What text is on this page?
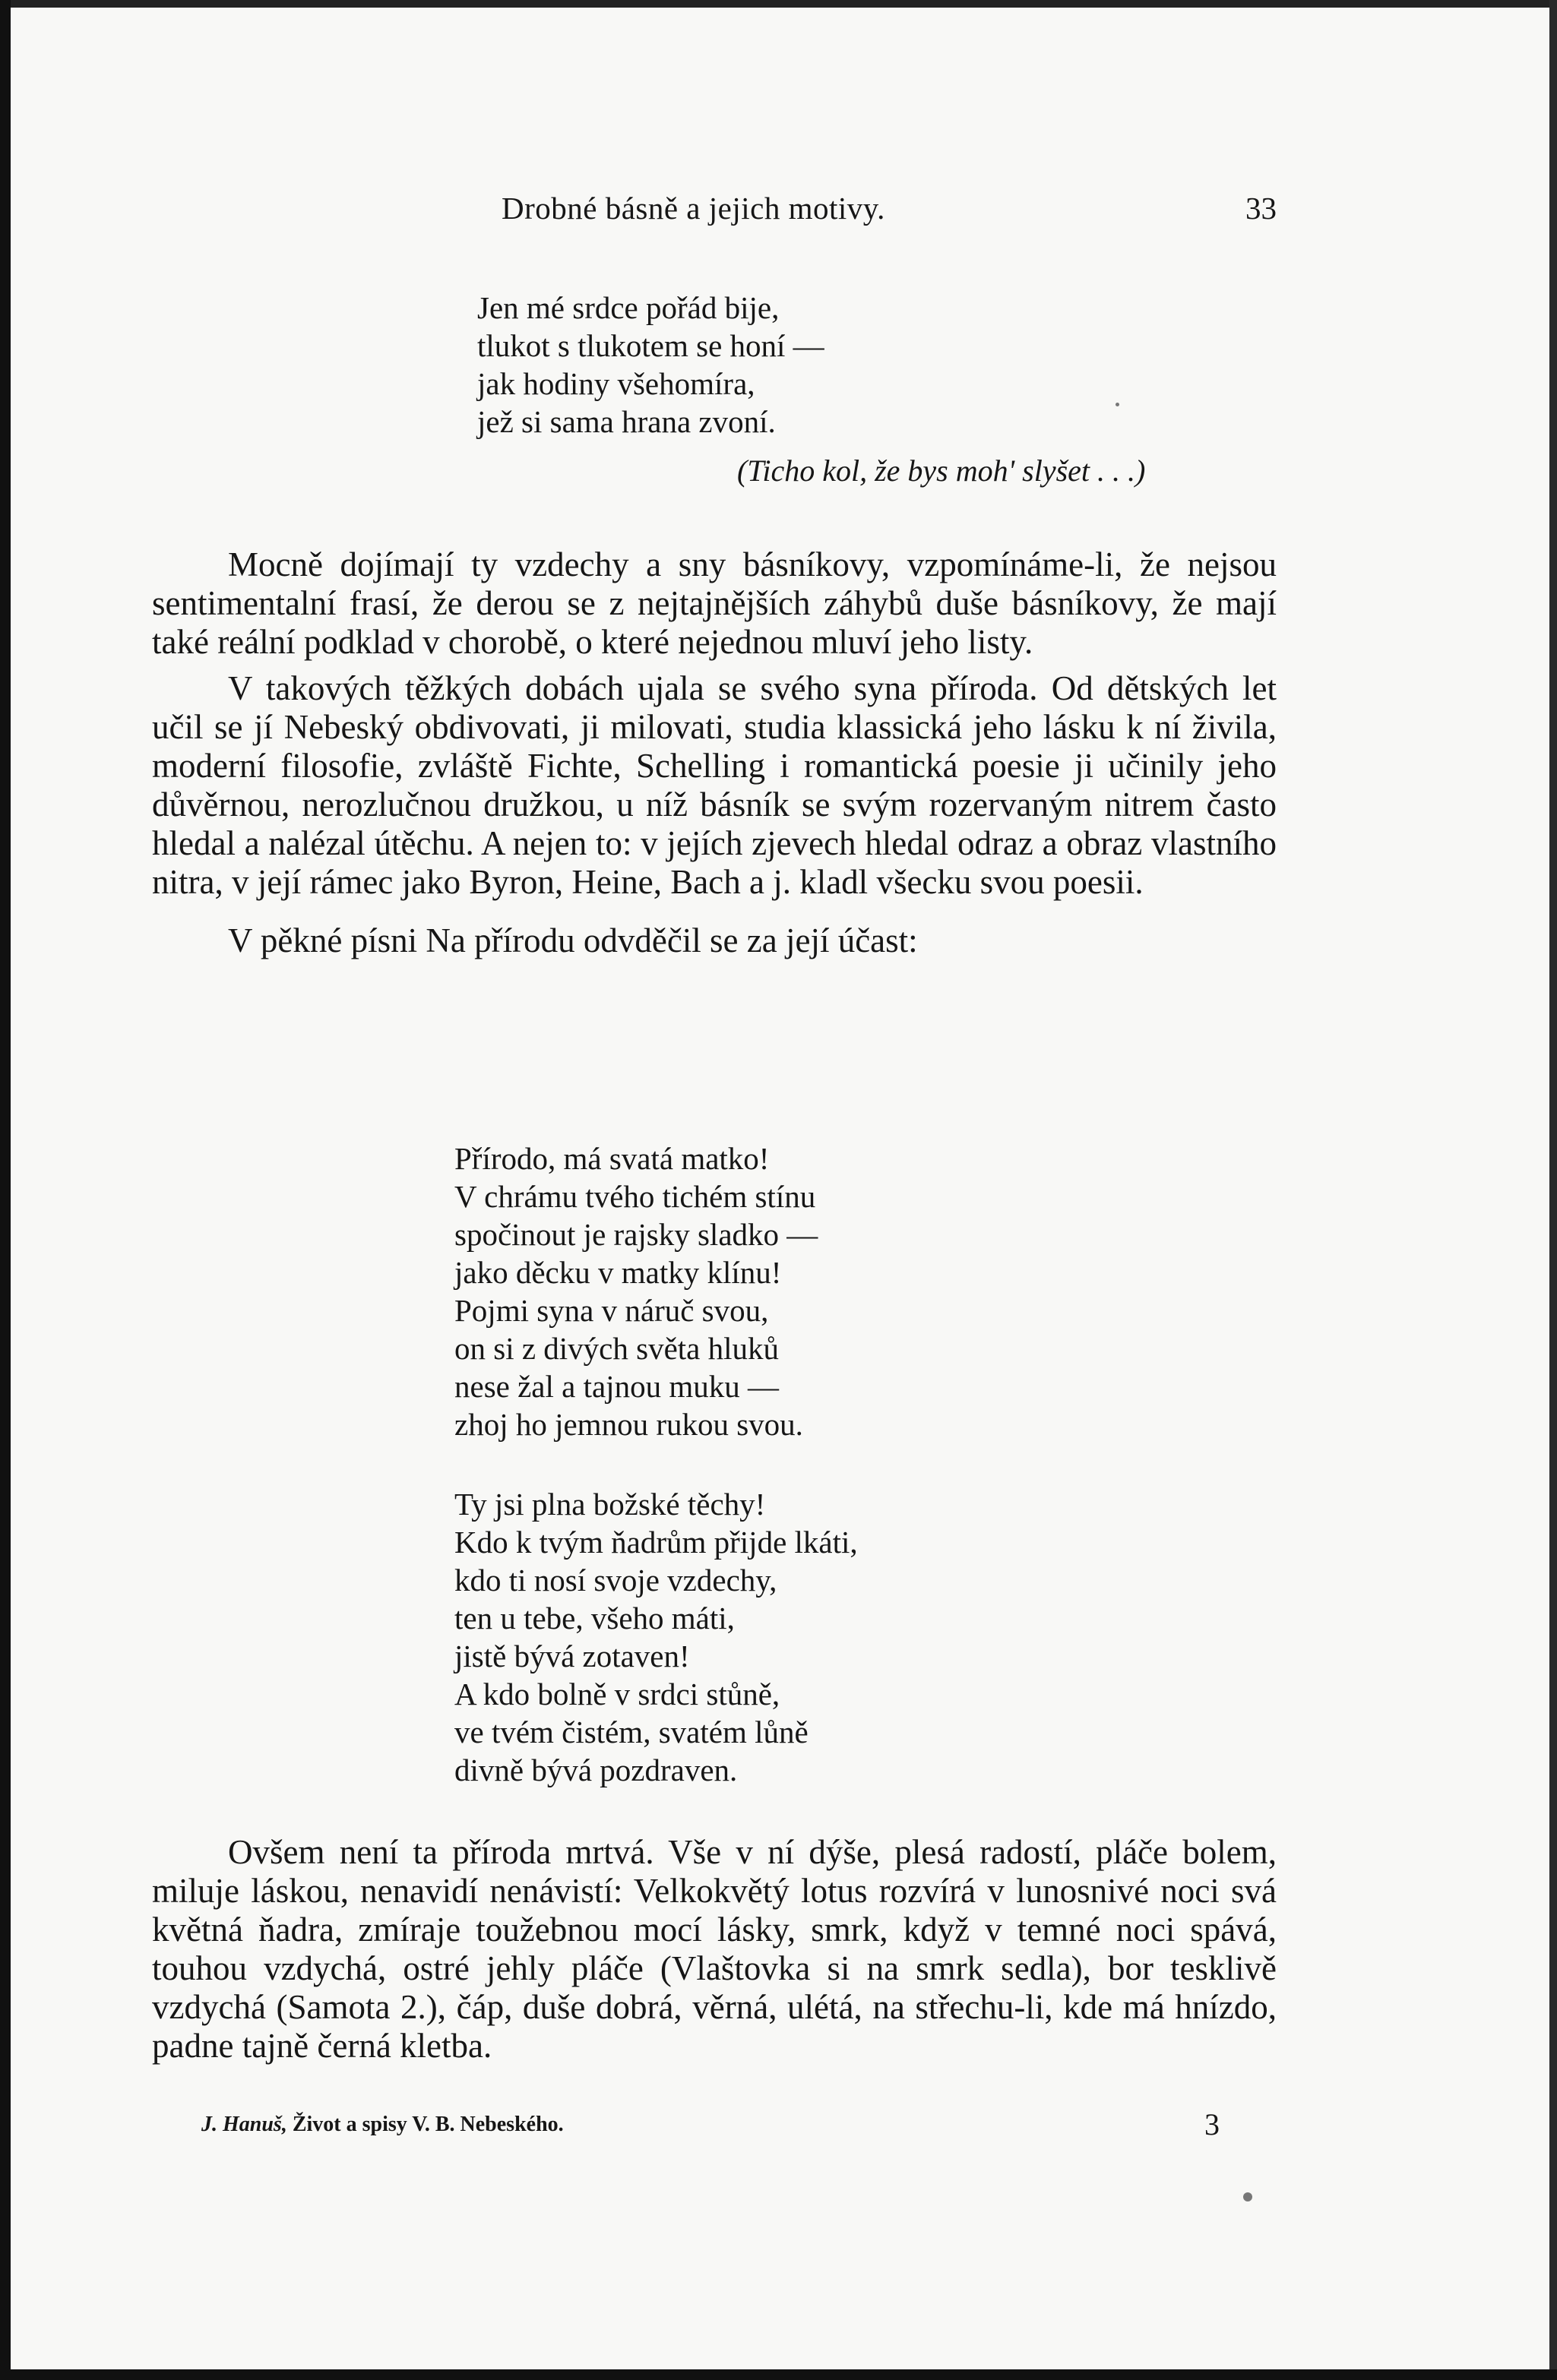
Drobné básně a jejich motivy.	33
Jen mé srdce pořád bije,
tlukot s tlukotem se honí —
jak hodiny všehomíra,
jež si sama hrana zvoní.
(Ticho kol, že bys moh' slyšet . . .)

Mocně dojímají ty vzdechy a sny básníkovy, vzpomínáme-li, že nejsou sentimentalní frasí, že derou se z nejtajnějších záhybů duše básníkovy, že mají také reální podklad v chorobě, o které nejednou mluví jeho listy.

V takových těžkých dobách ujala se svého syna příroda. Od dětských let učil se jí Nebeský obdivovati, ji milovati, studia klassická jeho lásku k ní živila, moderní filosofie, zvláště Fichte, Schelling i romantická poesie ji učinily jeho důvěrnou, nerozlučnou družkou, u níž básník se svým rozervaným nitrem často hledal a nalézal útěchu. A nejen to: v jejích zjevech hledal odraz a obraz vlastního nitra, v její rámec jako Byron, Heine, Bach a j. kladl všecku svou poesii.

V pěkné písni Na přírodu odvděčil se za její účast:

Přírodo, má svatá matko!
V chrámu tvého tichém stínu
spočinout je rajsky sladko —
jako děcku v matky klínu!
Pojmi syna v náruč svou,
on si z divých světa hluků
nese žal a tajnou muku —
zhoj ho jemnou rukou svou.
Ty jsi plna božské těchy!
Kdo k tvým ňadrům přijde lkáti,
kdo ti nosí svoje vzdechy,
ten u tebe, všeho máti,
jistě bývá zotaven!
A kdo bolně v srdci stůně,
ve tvém čistém, svatém lůně
divně bývá pozdraven.

Ovšem není ta příroda mrtvá. Vše v ní dýše, plesá radostí, pláče bolem, miluje láskou, nenavidí nenávistí: Velkokvětý lotus rozvírá v lunosnivé noci svá květná ňadra, zmíraje toužebnou mocí lásky, smrk, když v temné noci spává, touhou vzdychá, ostré jehly pláče (Vlaštovka si na smrk sedla), bor tesklivě vzdychá (Samota 2.), čáp, duše dobrá, věrná, ulétá, na střechu-li, kde má hnízdo, padne tajně černá kletba.

J. Hanuš, Život a spisy V. B. Nebeského.	3
